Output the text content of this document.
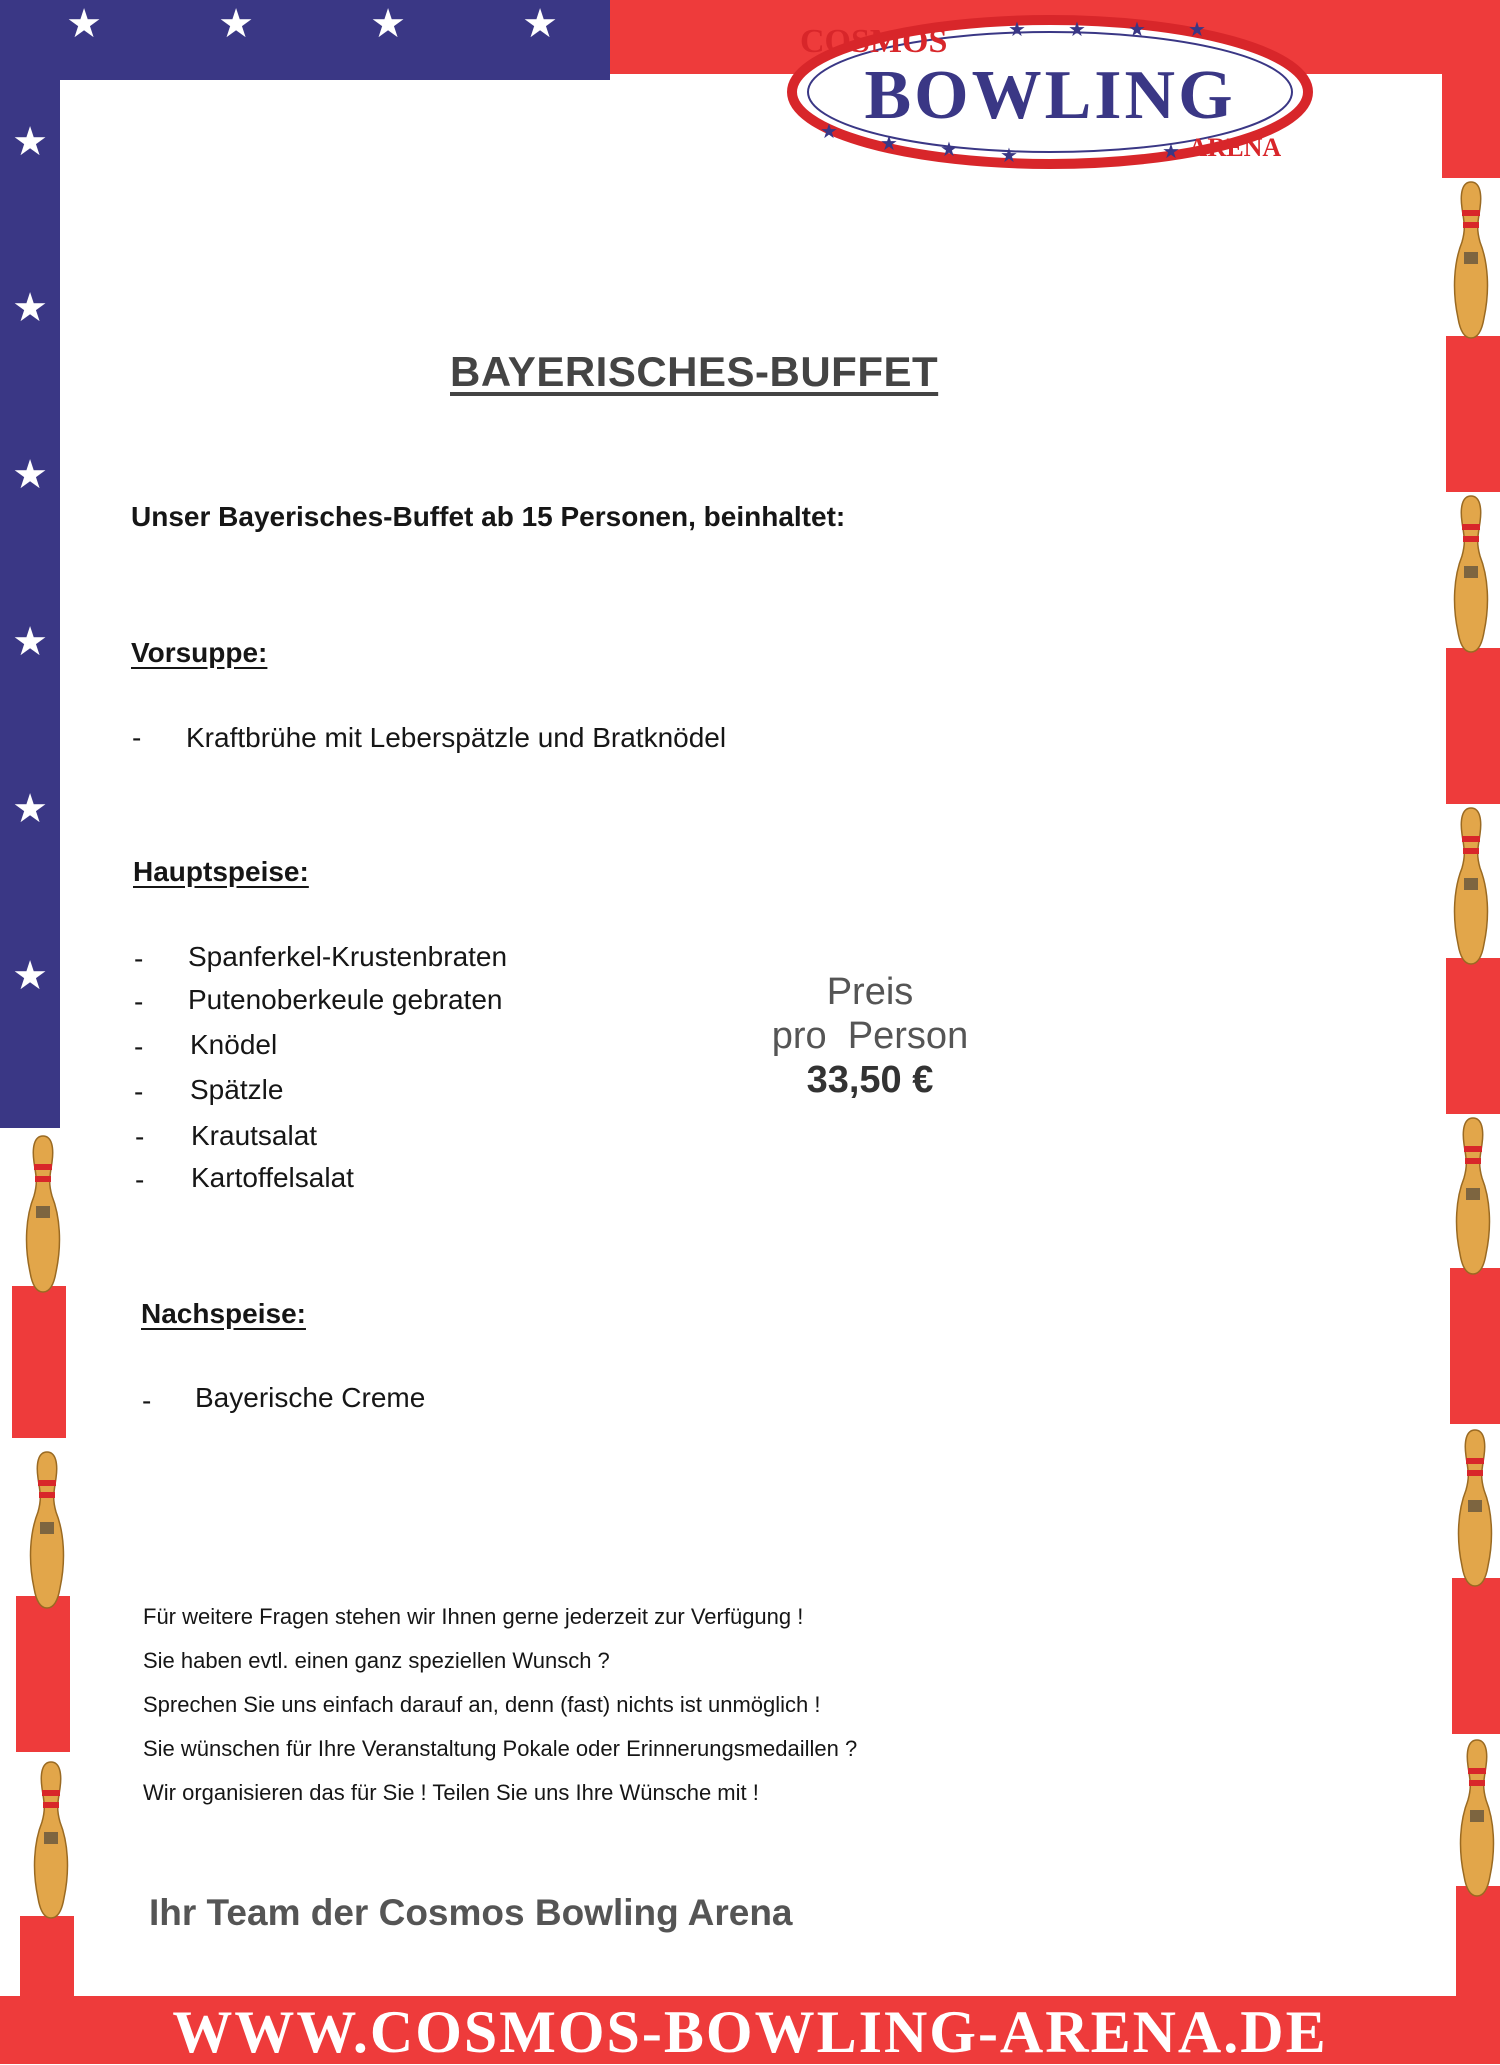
★	★	★	★
★
★
★
★
★
★
WWW.COSMOS-BOWLING-ARENA.DE
COSMOS
BOWLING
ARENA
★ ★ ★ ★
★ ★ ★ ★	★
BAYERISCHES-BUFFET
Unser Bayerisches-Buffet ab 15 Personen, beinhaltet:
Vorsuppe:
- Kraftbrühe mit Leberspätzle und Bratknödel
Hauptspeise:
- Spanferkel-Krustenbraten
- Putenoberkeule gebraten
- Knödel
- Spätzle
- Krautsalat
- Kartoffelsalat
Preis
pro  Person
33,50 €
Nachspeise:
- Bayerische Creme
Für weitere Fragen stehen wir Ihnen gerne jederzeit zur Verfügung !
Sie haben evtl. einen ganz speziellen Wunsch ?
Sprechen Sie uns einfach darauf an, denn (fast) nichts ist unmöglich !
Sie wünschen für Ihre Veranstaltung Pokale oder Erinnerungsmedaillen ?
Wir organisieren das für Sie ! Teilen Sie uns Ihre Wünsche mit !
Ihr Team der Cosmos Bowling Arena
